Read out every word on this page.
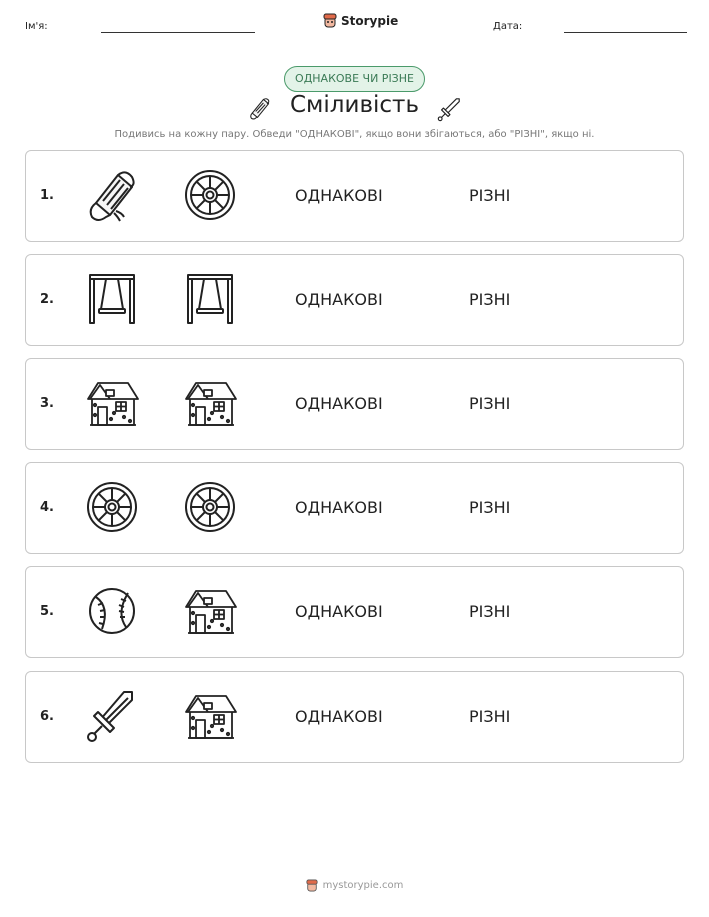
Ім'я:	Storypie	Дата:
ОДНАКОВЕ ЧИ РІЗНЕ
Сміливість
Подивись на кожну пару. Обведи "ОДНАКОВІ", якщо вони збігаються, або "РІЗНІ", якщо ні.
1.	ОДНАКОВІ	РІЗНІ
2.	ОДНАКОВІ	РІЗНІ
3.	ОДНАКОВІ	РІЗНІ
4.	ОДНАКОВІ	РІЗНІ
5.	ОДНАКОВІ	РІЗНІ
6.	ОДНАКОВІ	РІЗНІ
mystorypie.com
